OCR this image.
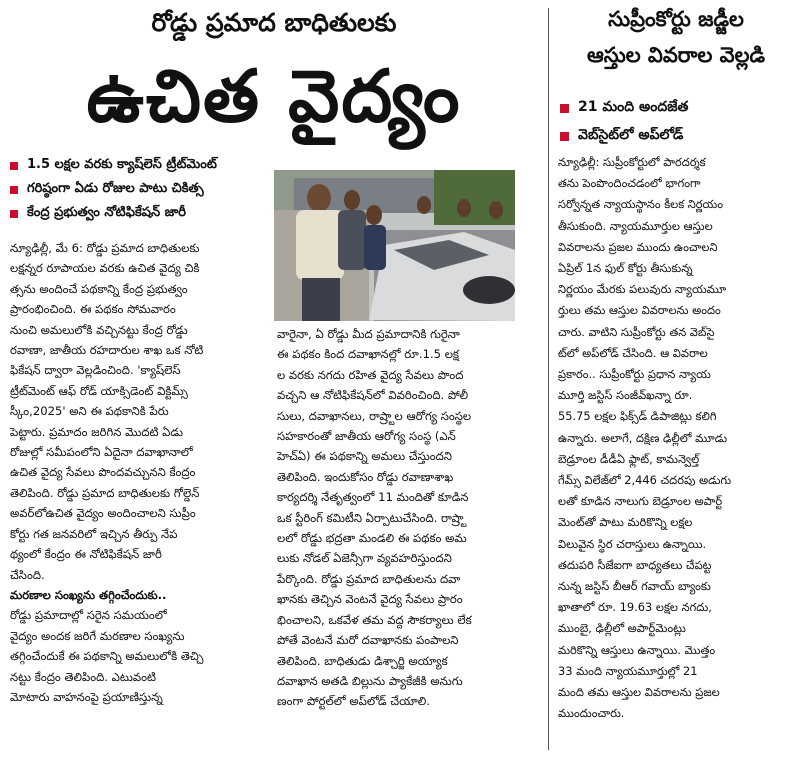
రోడ్డు ప్రమాద బాధితులకు
ఉచిత వైద్యం
1.5 లక్షల వరకు క్యాష్‌లెస్ ట్రీట్‌మెంట్
గరిష్ఠంగా ఏడు రోజుల పాటు చికిత్స
కేంద్ర ప్రభుత్వం నోటిఫికేషన్ జారీ

న్యూఢిల్లీ, మే 6: రోడ్డు ప్రమాద బాధితులకు

లక్షన్నర రూపాయల వరకు ఉచిత వైద్య చికి

త్సను అందించే పథకాన్ని కేంద్ర ప్రభుత్వం

ప్రారంభించింది. ఈ పథకం సోమవారం

నుంచి అమలులోకి వచ్చినట్టు కేంద్ర రోడ్డు

రవాణా, జాతీయ రహదారుల శాఖ ఒక నోటి

ఫికేషన్ ద్వారా వెల్లడించింది. 'క్యాష్‌లెస్

ట్రీట్‌మెంట్ ఆఫ్ రోడ్ యాక్సిడెంట్ విక్టిమ్స్

స్కీం,2025' అని ఈ పథకానికి పేరు

పెట్టారు. ప్రమాదం జరిగిన మొదటి ఏడు

రోజుల్లో సమీపంలోని ఏదైనా దవాఖానాలో

ఉచిత వైద్య సేవలు పొందవచ్చునని కేంద్రం

తెలిపింది. రోడ్డు ప్రమాద బాధితులకు గోల్డెన్

అవర్‌లోఉచిత వైద్యం అందించాలని సుప్రీం

కోర్టు గత జనవరిలో ఇచ్చిన తీర్పు నేప

థ్యంలో కేంద్రం ఈ నోటిఫికేషన్ జారీ

చేసింది.

మరణాల సంఖ్యను తగ్గించేందుకు..

రోడ్డు ప్రమాదాల్లో సరైన సమయంలో

వైద్యం అందక జరిగే మరణాల సంఖ్యను

తగ్గించేందుకే ఈ పథకాన్ని అమలులోకి తెచ్చి

నట్టు కేంద్రం తెలిపింది. ఎటువంటి

మోటారు వాహనంపై ప్రయాణిస్తున్న

వారైనా, ఏ రోడ్డు మీద ప్రమాదానికి గురైనా

ఈ పథకం కింద దవాఖానల్లో రూ.1.5 లక్ష

ల వరకు నగదు రహిత వైద్య సేవలు పొంద

వచ్చని ఆ నోటిఫికేషన్‌లో వివరించింది. పోలీ

సులు, దవాఖానలు, రాష్ర్టాల ఆరోగ్య సంస్థల

సహకారంతో జాతీయ ఆరోగ్య సంస్థ (ఎన్

హెచ్‌ఏ) ఈ పథకాన్ని అమలు చేస్తుందని

తెలిపింది. ఇందుకోసం రోడ్డు రవాణాశాఖ

కార్యదర్శి నేతృత్వంలో 11 మందితో కూడిన

ఒక స్టీరింగ్ కమిటీని ఏర్పాటుచేసింది. రాష్ర్టా

లలో రోడ్డు భద్రతా మండలి ఈ పథకం అమ

లుకు నోడల్ ఏజెన్సీగా వ్యవహరిస్తుందని

పేర్కొంది. రోడ్డు ప్రమాద బాధితులను దవా

ఖానకు తెచ్చిన వెంటనే వైద్య సేవలు ప్రారం

భించాలని, ఒకవేళ తమ వద్ద సౌకర్యాలు లేక

పోతే వెంటనే మరో దవాఖానకు పంపాలని

తెలిపింది. బాధితుడు డిశ్చార్జి అయ్యాక

దవాఖాన అతడి బిల్లును ప్యాకేజీకి అనుగు

ణంగా పోర్టల్‌లో అప్‌లోడ్ చేయాలి.

సుప్రీంకోర్టు జడ్జీల
ఆస్తుల వివరాల వెల్లడి
21 మంది అందజేత
వెబ్‌సైట్‌లో అప్‌లోడ్

న్యూఢిల్లీ: సుప్రీంకోర్టులో పారదర్శక

తను పెంపొందించడంలో భాగంగా

సర్వోన్నత న్యాయస్థానం కీలక నిర్ణయం

తీసుకుంది. న్యాయమూర్తుల ఆస్తుల

వివరాలను ప్రజల ముందు ఉంచాలని

ఏప్రిల్ 1న ఫుల్ కోర్టు తీసుకున్న

నిర్ణయం మేరకు పలువురు న్యాయమూ

ర్తులు తమ ఆస్తుల వివరాలను అందం

చారు. వాటిని సుప్రీంకోర్టు తన వెబ్‌సై

ట్‌లో అప్‌లోడ్ చేసింది. ఆ వివరాల

ప్రకారం.. సుప్రీంకోర్టు ప్రధాన న్యాయ

మూర్తి జస్టిస్ సంజీవ్‌ఖన్నా రూ.

55.75 లక్షల ఫిక్స్‌డ్ డిపాజిట్లు కలిగి

ఉన్నారు. అలాగే, దక్షిణ ఢిల్లీలో మూడు

బెడ్రూంల డీడీఏ ఫ్లాట్, కామన్వెల్త్

గేమ్స్ విలేజ్‌లో 2,446 చదరపు అడుగు

లతో కూడిన నాలుగు బెడ్రూంల అపార్ట్

మెంట్‌తో పాటు మరికొన్ని లక్షల

విలువైన స్థిర చరాస్తులు ఉన్నాయి.

తదుపరి సీజేఐగా బాధ్యతలు చేపట్ట

నున్న జస్టిస్ బీఆర్ గవాయ్ బ్యాంకు

ఖాతాలో రూ. 19.63 లక్షల నగదు,

ముంబై, ఢిల్లీలో అపార్ట్‌మెంట్లు

మరికొన్ని ఆస్తులు ఉన్నాయి. మొత్తం

33 మంది న్యాయమూర్తుల్లో 21

మంది తమ ఆస్తుల వివరాలను ప్రజల

ముందుంచారు.
